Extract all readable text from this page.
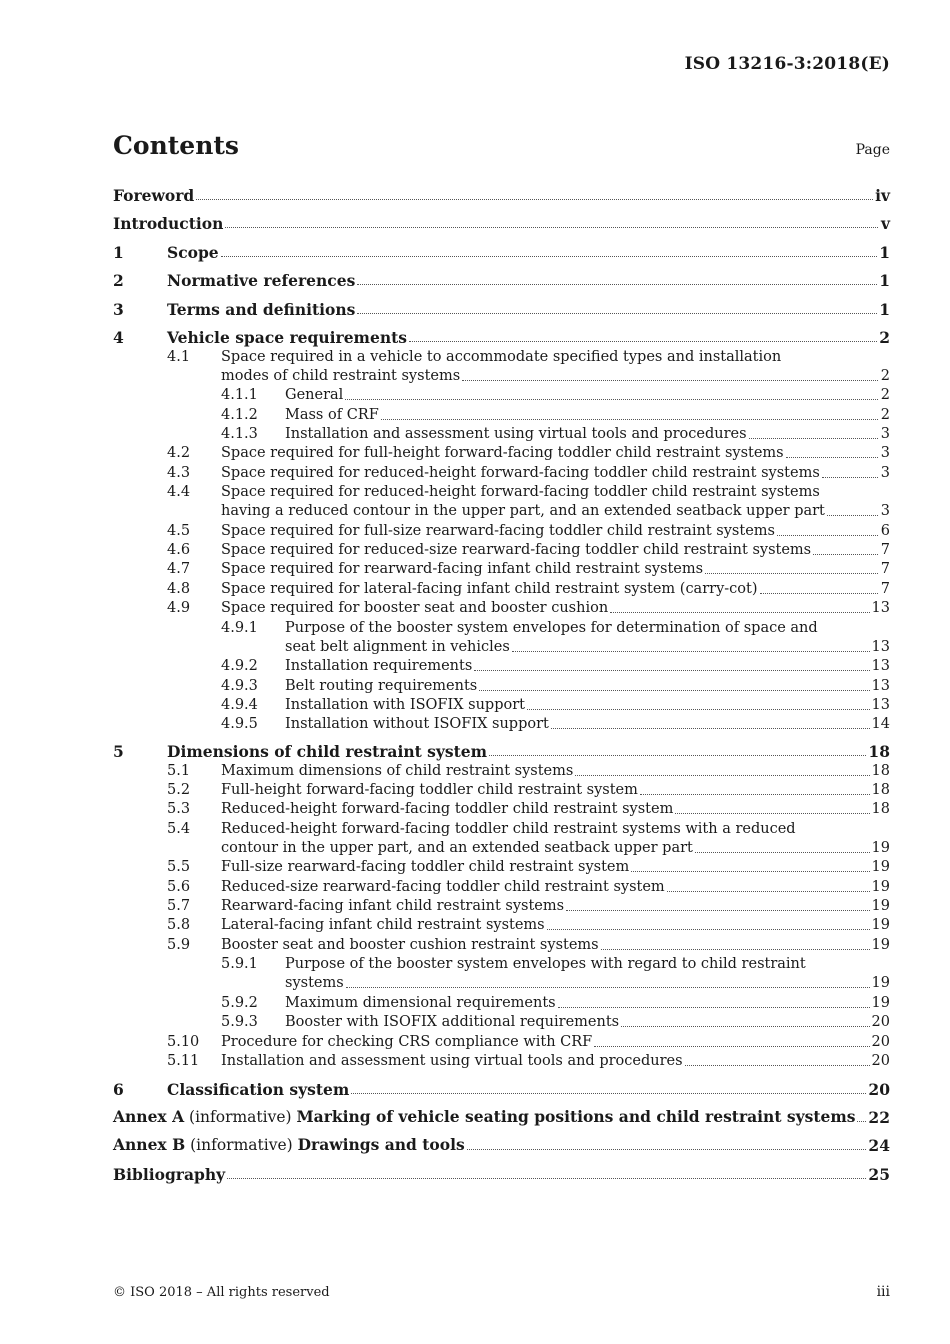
ISO 13216-3:2018(E)
Contents	Page
Foreword	iv
Introduction	v
1	Scope	1
2	Normative references	1
3	Terms and definitions	1
4	Vehicle space requirements	2
4.1 Space required in a vehicle to accommodate specified types and installation
modes of child restraint systems	2
4.1.1 General	2
4.1.2 Mass of CRF	2
4.1.3 Installation and assessment using virtual tools and procedures	3
4.2 Space required for full-height forward-facing toddler child restraint systems	3
4.3 Space required for reduced-height forward-facing toddler child restraint systems	3
4.4 Space required for reduced-height forward-facing toddler child restraint systems
having a reduced contour in the upper part, and an extended seatback upper part	3
4.5 Space required for full-size rearward-facing toddler child restraint systems	6
4.6 Space required for reduced-size rearward-facing toddler child restraint systems	7
4.7 Space required for rearward-facing infant child restraint systems	7
4.8 Space required for lateral-facing infant child restraint system (carry-cot)	7
4.9 Space required for booster seat and booster cushion	13
4.9.1 Purpose of the booster system envelopes for determination of space and
seat belt alignment in vehicles	13
4.9.2 Installation requirements	13
4.9.3 Belt routing requirements	13
4.9.4 Installation with ISOFIX support	13
4.9.5 Installation without ISOFIX support	14
5	Dimensions of child restraint system	18
5.1 Maximum dimensions of child restraint systems	18
5.2 Full-height forward-facing toddler child restraint system	18
5.3 Reduced-height forward-facing toddler child restraint system	18
5.4 Reduced-height forward-facing toddler child restraint systems with a reduced
contour in the upper part, and an extended seatback upper part	19
5.5 Full-size rearward-facing toddler child restraint system	19
5.6 Reduced-size rearward-facing toddler child restraint system	19
5.7 Rearward-facing infant child restraint systems	19
5.8 Lateral-facing infant child restraint systems	19
5.9 Booster seat and booster cushion restraint systems	19
5.9.1 Purpose of the booster system envelopes with regard to child restraint
systems	19
5.9.2 Maximum dimensional requirements	19
5.9.3 Booster with ISOFIX additional requirements	20
5.10 Procedure for checking CRS compliance with CRF	20
5.11 Installation and assessment using virtual tools and procedures	20
6	Classification system	20
Annex A (informative) Marking of vehicle seating positions and child restraint systems 22
Annex B (informative) Drawings and tools	24
Bibliography	25
© ISO 2018 – All rights reserved	iii
